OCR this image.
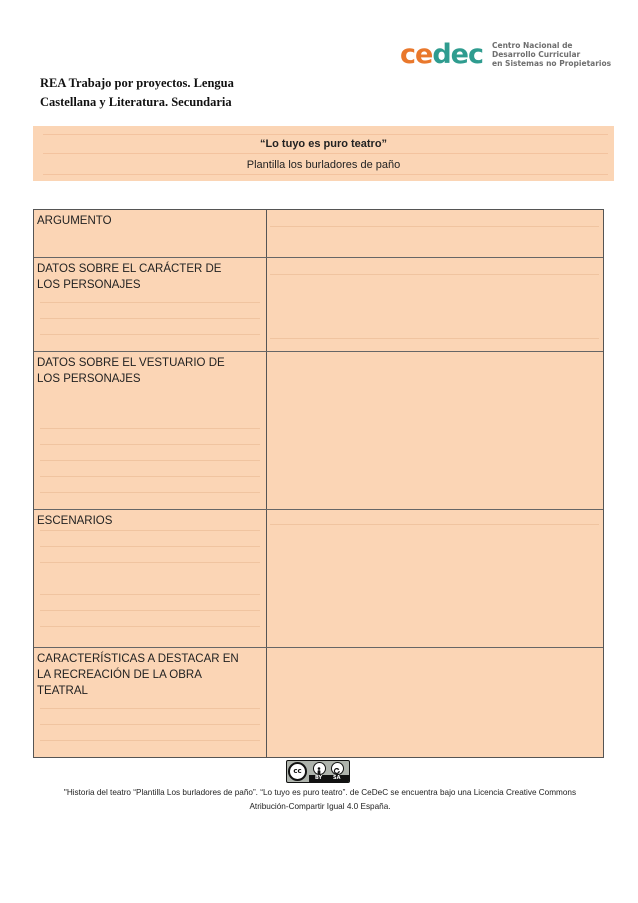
cedec Centro Nacional de
Desarrollo Curricular
en Sistemas no Propietarios
REA Trabajo por proyectos. Lengua
Castellana y Literatura. Secundaria
“Lo tuyo es puro teatro”
Plantilla los burladores de paño
ARGUMENTO
DATOS SOBRE EL CARÁCTER DE
LOS PERSONAJES
DATOS SOBRE EL VESTUARIO DE
LOS PERSONAJES
ESCENARIOS
CARACTERÍSTICAS A DESTACAR EN
LA RECREACIÓN DE LA OBRA
TEATRAL
cc
BY SA
"Historia del teatro “Plantilla Los burladores de paño”. “Lo tuyo es puro teatro”. de CeDeC se encuentra bajo una Licencia Creative Commons
Atribución-Compartir Igual 4.0 España.
